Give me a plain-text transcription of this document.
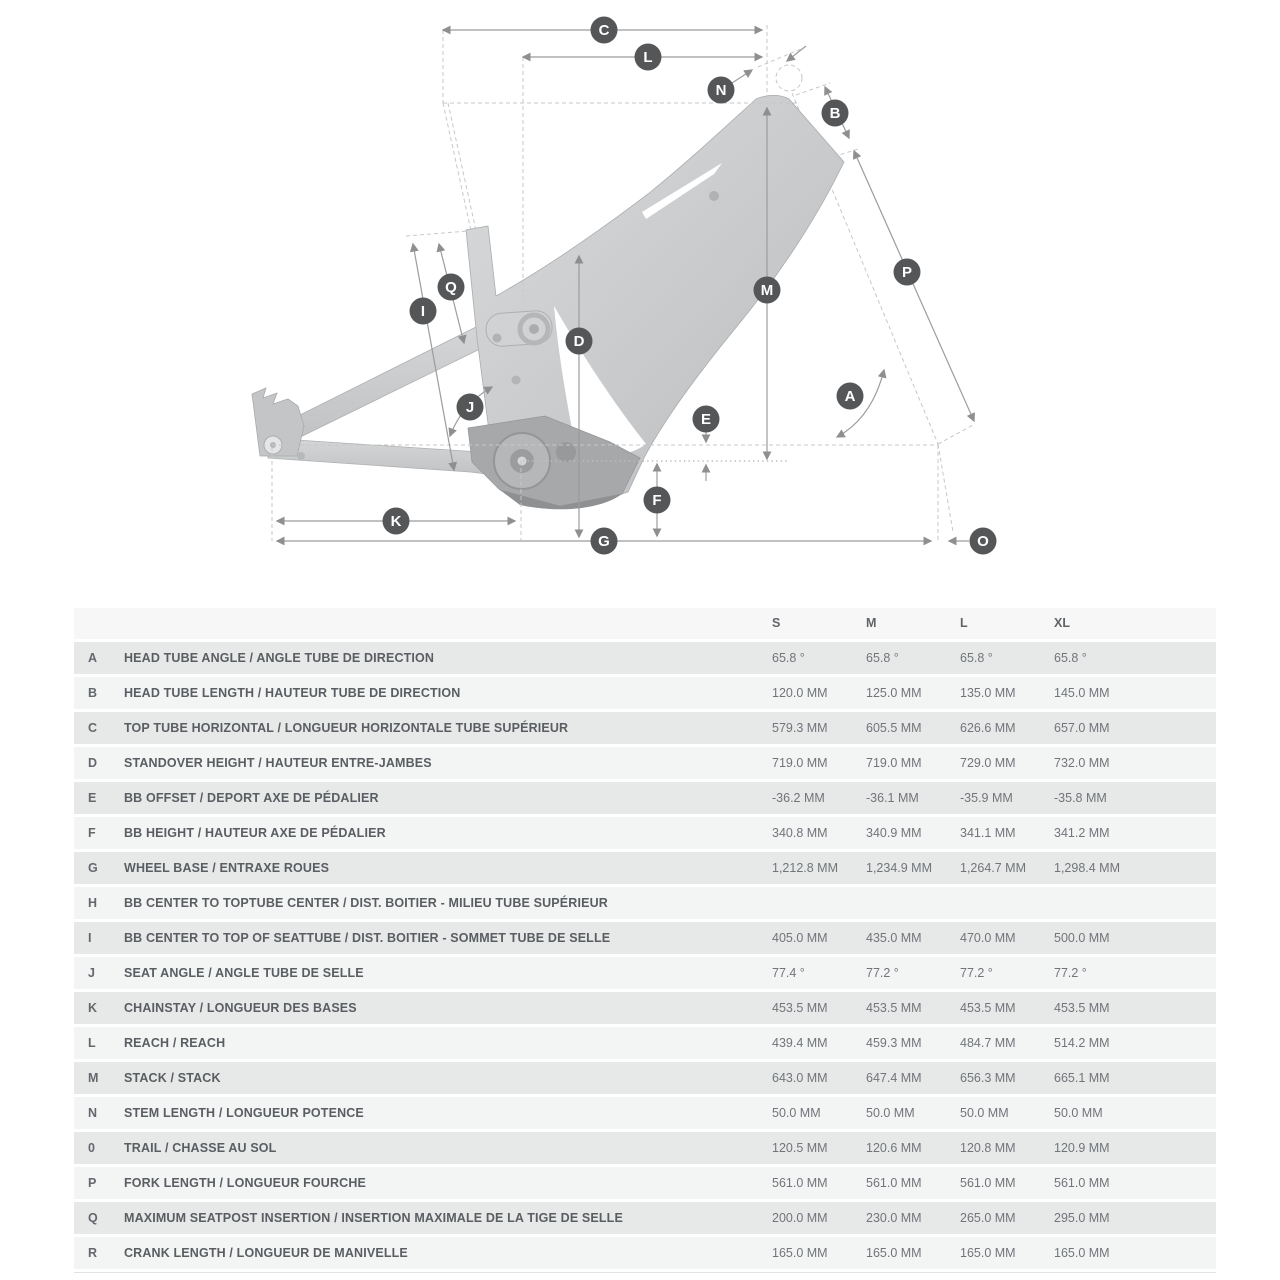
C
L
N
B
P
M
Q
I
D
A
J
E
F
K
G	O
S	M	L	XL
A HEAD TUBE ANGLE / ANGLE TUBE DE DIRECTION	65.8 °	65.8 °	65.8 °	65.8 °
B HEAD TUBE LENGTH / HAUTEUR TUBE DE DIRECTION	120.0 MM	125.0 MM	135.0 MM	145.0 MM
C TOP TUBE HORIZONTAL / LONGUEUR HORIZONTALE TUBE SUPÉRIEUR	579.3 MM	605.5 MM	626.6 MM	657.0 MM
D STANDOVER HEIGHT / HAUTEUR ENTRE-JAMBES	719.0 MM	719.0 MM	729.0 MM	732.0 MM
E BB OFFSET / DEPORT AXE DE PÉDALIER	-36.2 MM	-36.1 MM	-35.9 MM	-35.8 MM
F BB HEIGHT / HAUTEUR AXE DE PÉDALIER	340.8 MM	340.9 MM	341.1 MM	341.2 MM
G WHEEL BASE / ENTRAXE ROUES	1,212.8 MM 1,234.9 MM 1,264.7 MM 1,298.4 MM
H BB CENTER TO TOPTUBE CENTER / DIST. BOITIER - MILIEU TUBE SUPÉRIEUR
I	BB CENTER TO TOP OF SEATTUBE / DIST. BOITIER - SOMMET TUBE DE SELLE	405.0 MM	435.0 MM	470.0 MM	500.0 MM
J SEAT ANGLE / ANGLE TUBE DE SELLE	77.4 °	77.2 °	77.2 °	77.2 °
K CHAINSTAY / LONGUEUR DES BASES	453.5 MM	453.5 MM	453.5 MM	453.5 MM
L REACH / REACH	439.4 MM	459.3 MM	484.7 MM	514.2 MM
M STACK / STACK	643.0 MM	647.4 MM	656.3 MM	665.1 MM
N STEM LENGTH / LONGUEUR POTENCE	50.0 MM	50.0 MM	50.0 MM	50.0 MM
0 TRAIL / CHASSE AU SOL	120.5 MM	120.6 MM	120.8 MM	120.9 MM
P FORK LENGTH / LONGUEUR FOURCHE	561.0 MM	561.0 MM	561.0 MM	561.0 MM
Q MAXIMUM SEATPOST INSERTION / INSERTION MAXIMALE DE LA TIGE DE SELLE	200.0 MM	230.0 MM	265.0 MM	295.0 MM
R CRANK LENGTH / LONGUEUR DE MANIVELLE	165.0 MM	165.0 MM	165.0 MM	165.0 MM
